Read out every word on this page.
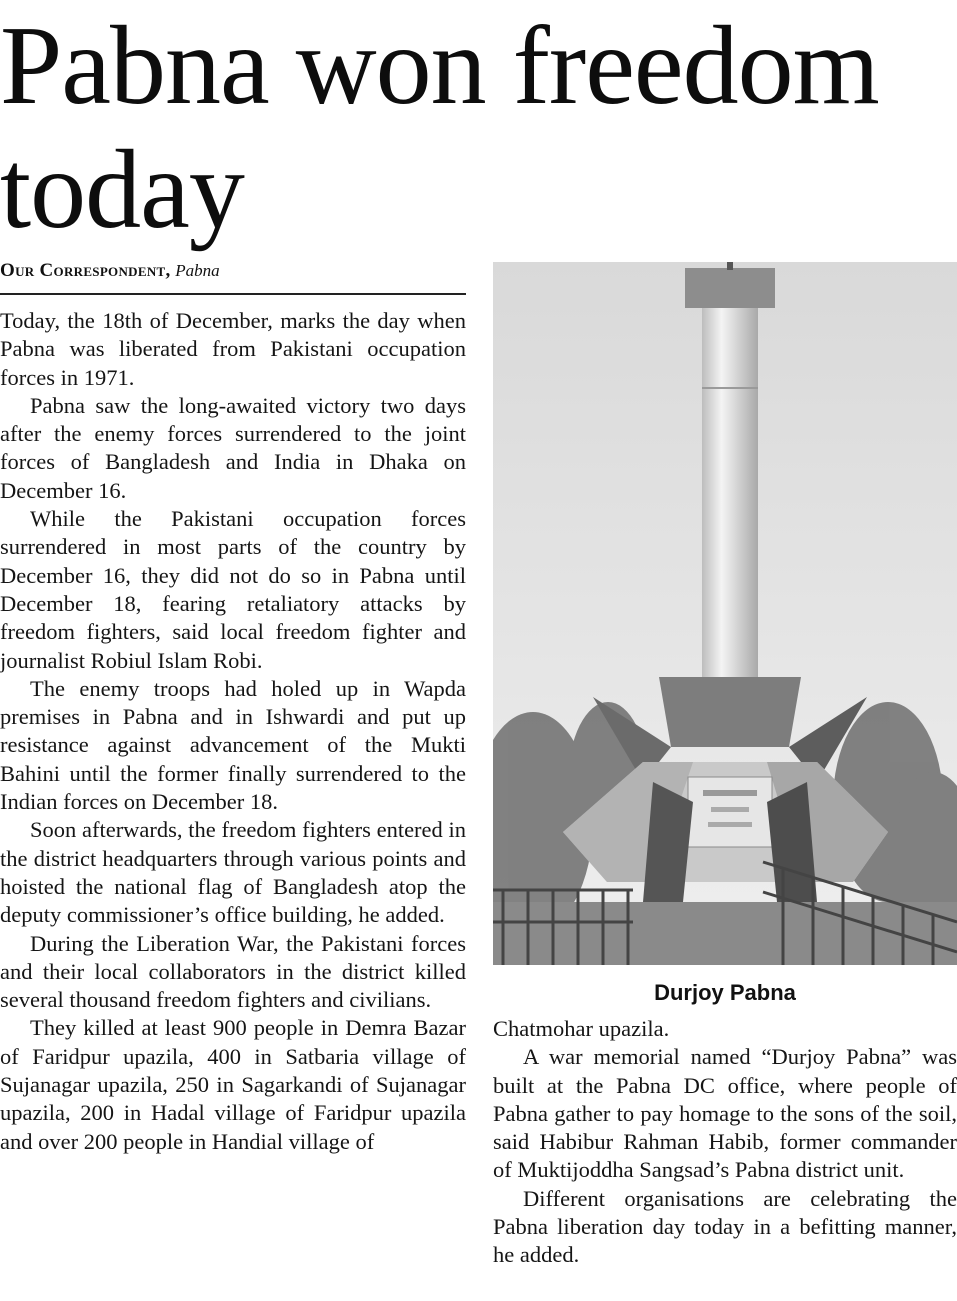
Pabna won freedom today
Our Correspondent, Pabna

Today, the 18th of December, marks the day when Pabna was liberated from Pakistani occupation forces in 1971.

Pabna saw the long-awaited victory two days after the enemy forces surrendered to the joint forces of Bangladesh and India in Dhaka on December 16.

While the Pakistani occupation forces surrendered in most parts of the country by December 16, they did not do so in Pabna until December 18, fearing retaliatory attacks by freedom fighters, said local freedom fighter and journalist Robiul Islam Robi.

The enemy troops had holed up in Wapda premises in Pabna and in Ishwardi and put up resistance against advancement of the Mukti Bahini until the former finally surrendered to the Indian forces on December 18.

Soon afterwards, the freedom fighters entered in the district headquarters through various points and hoisted the national flag of Bangladesh atop the deputy commissioner’s office building, he added.

During the Liberation War, the Pakistani forces and their local collaborators in the district killed several thousand freedom fighters and civilians.

They killed at least 900 people in Demra Bazar of Faridpur upazila, 400 in Satbaria village of Sujanagar upazila, 250 in Sagarkandi of Sujanagar upazila, 200 in Hadal village of Faridpur upazila and over 200 people in Handial village of

Durjoy Pabna

Chatmohar upazila.

A war memorial named “Durjoy Pabna” was built at the Pabna DC office, where people of Pabna gather to pay homage to the sons of the soil, said Habibur Rahman Habib, former commander of Muktijoddha Sangsad’s Pabna district unit.

Different organisations are celebrating the Pabna liberation day today in a befitting manner, he added.
